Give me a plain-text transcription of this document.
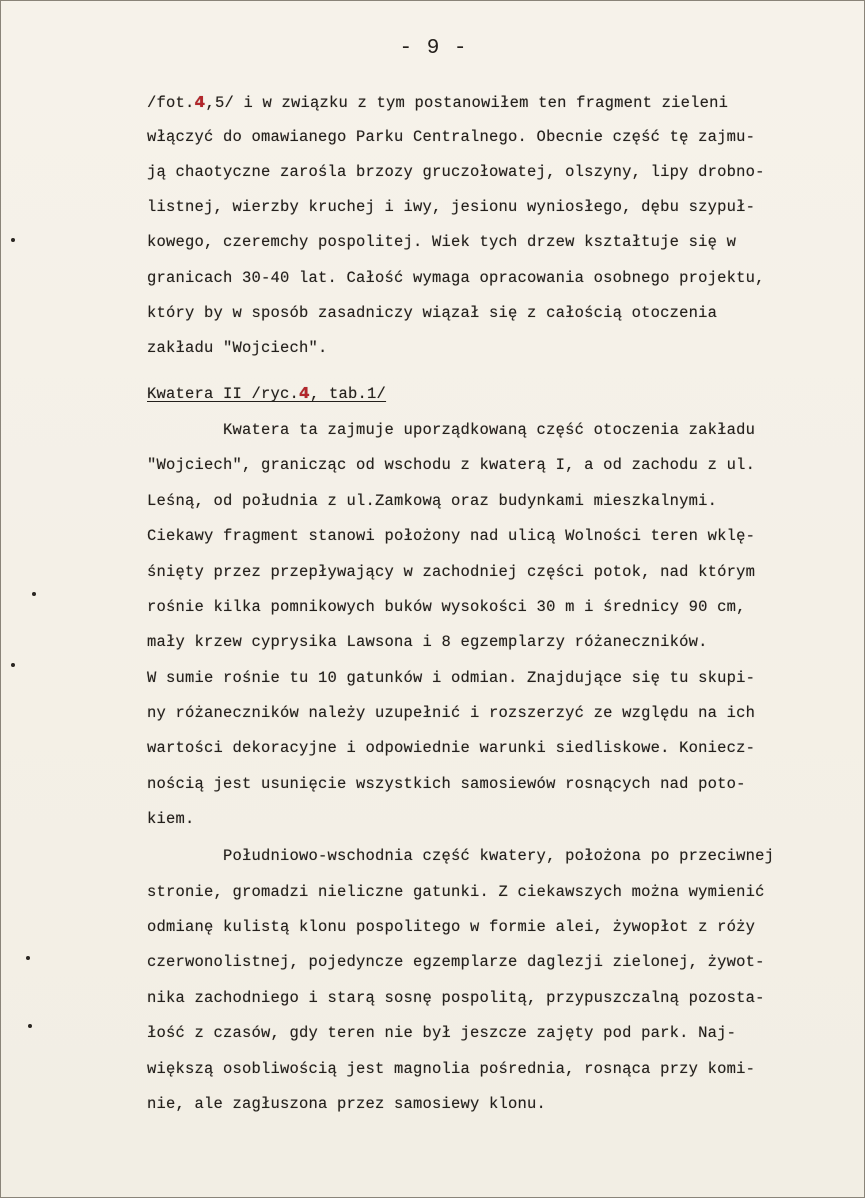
- 9 -
/fot.4,5/ i w związku z tym postanowiłem ten fragment zieleni
włączyć do omawianego Parku Centralnego. Obecnie część tę zajmu-
ją chaotyczne zarośla brzozy gruczołowatej, olszyny, lipy drobno-
listnej, wierzby kruchej i iwy, jesionu wyniosłego, dębu szypuł-
kowego, czeremchy pospolitej. Wiek tych drzew kształtuje się w
granicach 30-40 lat. Całość wymaga opracowania osobnego projektu,
który by w sposób zasadniczy wiązał się z całością otoczenia
zakładu "Wojciech".
Kwatera II /ryc.4, tab.1/
Kwatera ta zajmuje uporządkowaną część otoczenia zakładu
"Wojciech", granicząc od wschodu z kwaterą I, a od zachodu z ul.
Leśną, od południa z ul.Zamkową oraz budynkami mieszkalnymi.
Ciekawy fragment stanowi położony nad ulicą Wolności teren wklę-
śnięty przez przepływający w zachodniej części potok, nad którym
rośnie kilka pomnikowych buków wysokości 30 m i średnicy 90 cm,
mały krzew cyprysika Lawsona i 8 egzemplarzy różaneczników.
W sumie rośnie tu 10 gatunków i odmian. Znajdujące się tu skupi-
ny różaneczników należy uzupełnić i rozszerzyć ze względu na ich
wartości dekoracyjne i odpowiednie warunki siedliskowe. Koniecz-
nością jest usunięcie wszystkich samosiewów rosnących nad poto-
kiem.
Południowo-wschodnia część kwatery, położona po przeciwnej
stronie, gromadzi nieliczne gatunki. Z ciekawszych można wymienić
odmianę kulistą klonu pospolitego w formie alei, żywopłot z róży
czerwonolistnej, pojedyncze egzemplarze daglezji zielonej, żywot-
nika zachodniego i starą sosnę pospolitą, przypuszczalną pozosta-
łość z czasów, gdy teren nie był jeszcze zajęty pod park. Naj-
większą osobliwością jest magnolia pośrednia, rosnąca przy komi-
nie, ale zagłuszona przez samosiewy klonu.
